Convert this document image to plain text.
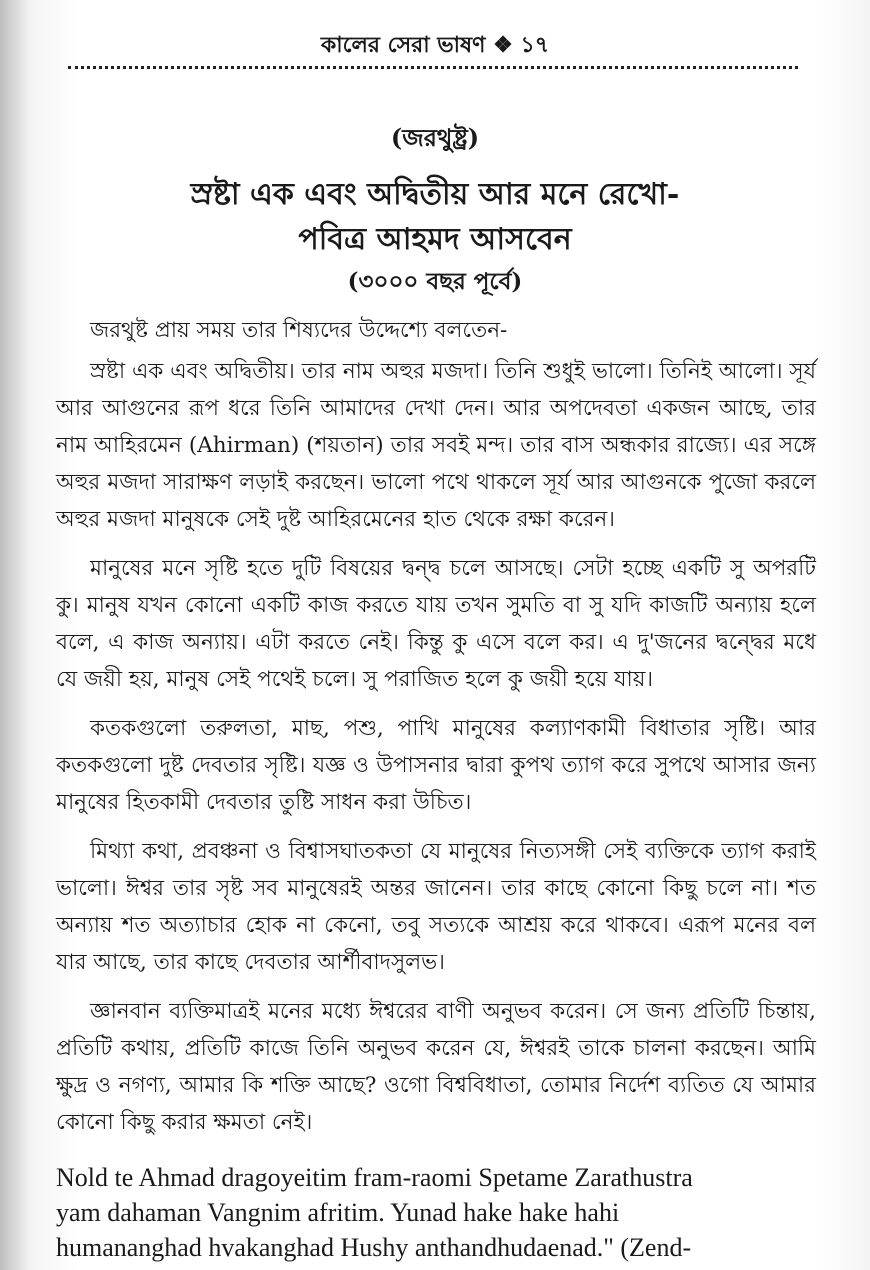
কালের সেরা ভাষণ ❖ ১৭
(জরথুষ্ট্র)
স্রষ্টা এক এবং অদ্বিতীয় আর মনে রেখো-
পবিত্র আহমদ আসবেন
(৩০০০ বছর পূর্বে)

জরথুষ্ট প্রায় সময় তার শিষ্যদের উদ্দেশ্যে বলতেন-

স্রষ্টা এক এবং অদ্বিতীয়। তার নাম অহুর মজদা। তিনি শুধুই ভালো। তিনিই আলো। সূর্য আর আগুনের রূপ ধরে তিনি আমাদের দেখা দেন। আর অপদেবতা একজন আছে, তার নাম আহিরমেন (Ahirman) (শয়তান) তার সবই মন্দ। তার বাস অন্ধকার রাজ্যে। এর সঙ্গে অহুর মজদা সারাক্ষণ লড়াই করছেন। ভালো পথে থাকলে সূর্য আর আগুনকে পুজো করলে অহুর মজদা মানুষকে সেই দুষ্ট আহিরমেনের হাত থেকে রক্ষা করেন।

মানুষের মনে সৃষ্টি হতে দুটি বিষয়ের দ্বন্দ্ব চলে আসছে। সেটা হচ্ছে একটি সু অপরটি কু। মানুষ যখন কোনো একটি কাজ করতে যায় তখন সুমতি বা সু যদি কাজটি অন্যায় হলে বলে, এ কাজ অন্যায়। এটা করতে নেই। কিন্তু কু এসে বলে কর। এ দু'জনের দ্বন্দ্বের মধে যে জয়ী হয়, মানুষ সেই পথেই চলে। সু পরাজিত হলে কু জয়ী হয়ে যায়।

কতকগুলো তরুলতা, মাছ, পশু, পাখি মানুষের কল্যাণকামী বিধাতার সৃষ্টি। আর কতকগুলো দুষ্ট দেবতার সৃষ্টি। যজ্ঞ ও উপাসনার দ্বারা কুপথ ত্যাগ করে সুপথে আসার জন্য মানুষের হিতকামী দেবতার তুষ্টি সাধন করা উচিত।

মিথ্যা কথা, প্রবঞ্চনা ও বিশ্বাসঘাতকতা যে মানুষের নিত্যসঙ্গী সেই ব্যক্তিকে ত্যাগ করাই ভালো। ঈশ্বর তার সৃষ্ট সব মানুষেরই অন্তর জানেন। তার কাছে কোনো কিছু চলে না। শত অন্যায় শত অত্যাচার হোক না কেনো, তবু সত্যকে আশ্রয় করে থাকবে। এরূপ মনের বল যার আছে, তার কাছে দেবতার আর্শীবাদসুলভ।

জ্ঞানবান ব্যক্তিমাত্রই মনের মধ্যে ঈশ্বরের বাণী অনুভব করেন। সে জন্য প্রতিটি চিন্তায়, প্রতিটি কথায়, প্রতিটি কাজে তিনি অনুভব করেন যে, ঈশ্বরই তাকে চালনা করছেন। আমি ক্ষুদ্র ও নগণ্য, আমার কি শক্তি আছে? ওগো বিশ্ববিধাতা, তোমার নির্দেশ ব্যতিত যে আমার কোনো কিছু করার ক্ষমতা নেই।

Nold te Ahmad dragoyeitim fram-raomi Spetame Zarathustra
yam dahaman Vangnim afritim. Yunad hake hake hahi
humananghad hvakanghad Hushy anthandhudaenad." (Zend-
